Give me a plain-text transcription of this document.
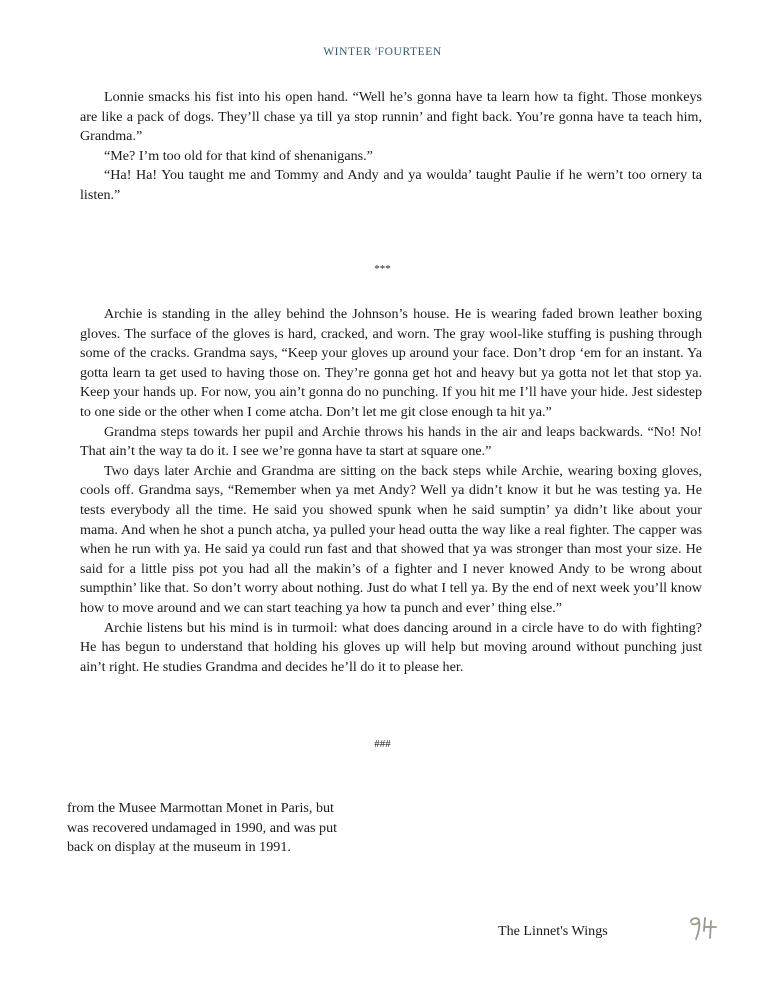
WINTER 'FOURTEEN

Lonnie smacks his fist into his open hand. “Well he’s gonna have ta learn how ta fight. Those monkeys are like a pack of dogs. They’ll chase ya till ya stop runnin’ and fight back. You’re gonna have ta teach him, Grandma.”

“Me? I’m too old for that kind of shenanigans.”

“Ha! Ha! You taught me and Tommy and Andy and ya woulda’ taught Paulie if he wern’t too ornery ta listen.”

***

Archie is standing in the alley behind the Johnson’s house. He is wearing faded brown leather boxing gloves. The surface of the gloves is hard, cracked, and worn. The gray wool-like stuffing is pushing through some of the cracks. Grandma says, “Keep your gloves up around your face. Don’t drop ‘em for an instant. Ya gotta learn ta get used to having those on. They’re gonna get hot and heavy but ya gotta not let that stop ya. Keep your hands up. For now, you ain’t gonna do no punching. If you hit me I’ll have your hide. Jest sidestep to one side or the other when I come atcha. Don’t let me git close enough ta hit ya.”

Grandma steps towards her pupil and Archie throws his hands in the air and leaps backwards. “No! No! That ain’t the way ta do it. I see we’re gonna have ta start at square one.”

Two days later Archie and Grandma are sitting on the back steps while Archie, wearing boxing gloves, cools off. Grandma says, “Remember when ya met Andy? Well ya didn’t know it but he was testing ya. He tests everybody all the time. He said you showed spunk when he said sumptin’ ya didn’t like about your mama. And when he shot a punch atcha, ya pulled your head outta the way like a real fighter. The capper was when he run with ya. He said ya could run fast and that showed that ya was stronger than most your size. He said for a little piss pot you had all the makin’s of a fighter and I never knowed Andy to be wrong about sumpthin’ like that. So don’t worry about nothing. Just do what I tell ya. By the end of next week you’ll know how to move around and we can start teaching ya how ta punch and ever’ thing else.”

Archie listens but his mind is in turmoil: what does dancing around in a circle have to do with fighting? He has begun to understand that holding his gloves up will help but moving around without punching just ain’t right. He studies Grandma and decides he’ll do it to please her.

###
from the Musee Marmottan Monet in Paris, but
was recovered undamaged in 1990, and was put
back on display at the museum in 1991.
The Linnet's Wings
